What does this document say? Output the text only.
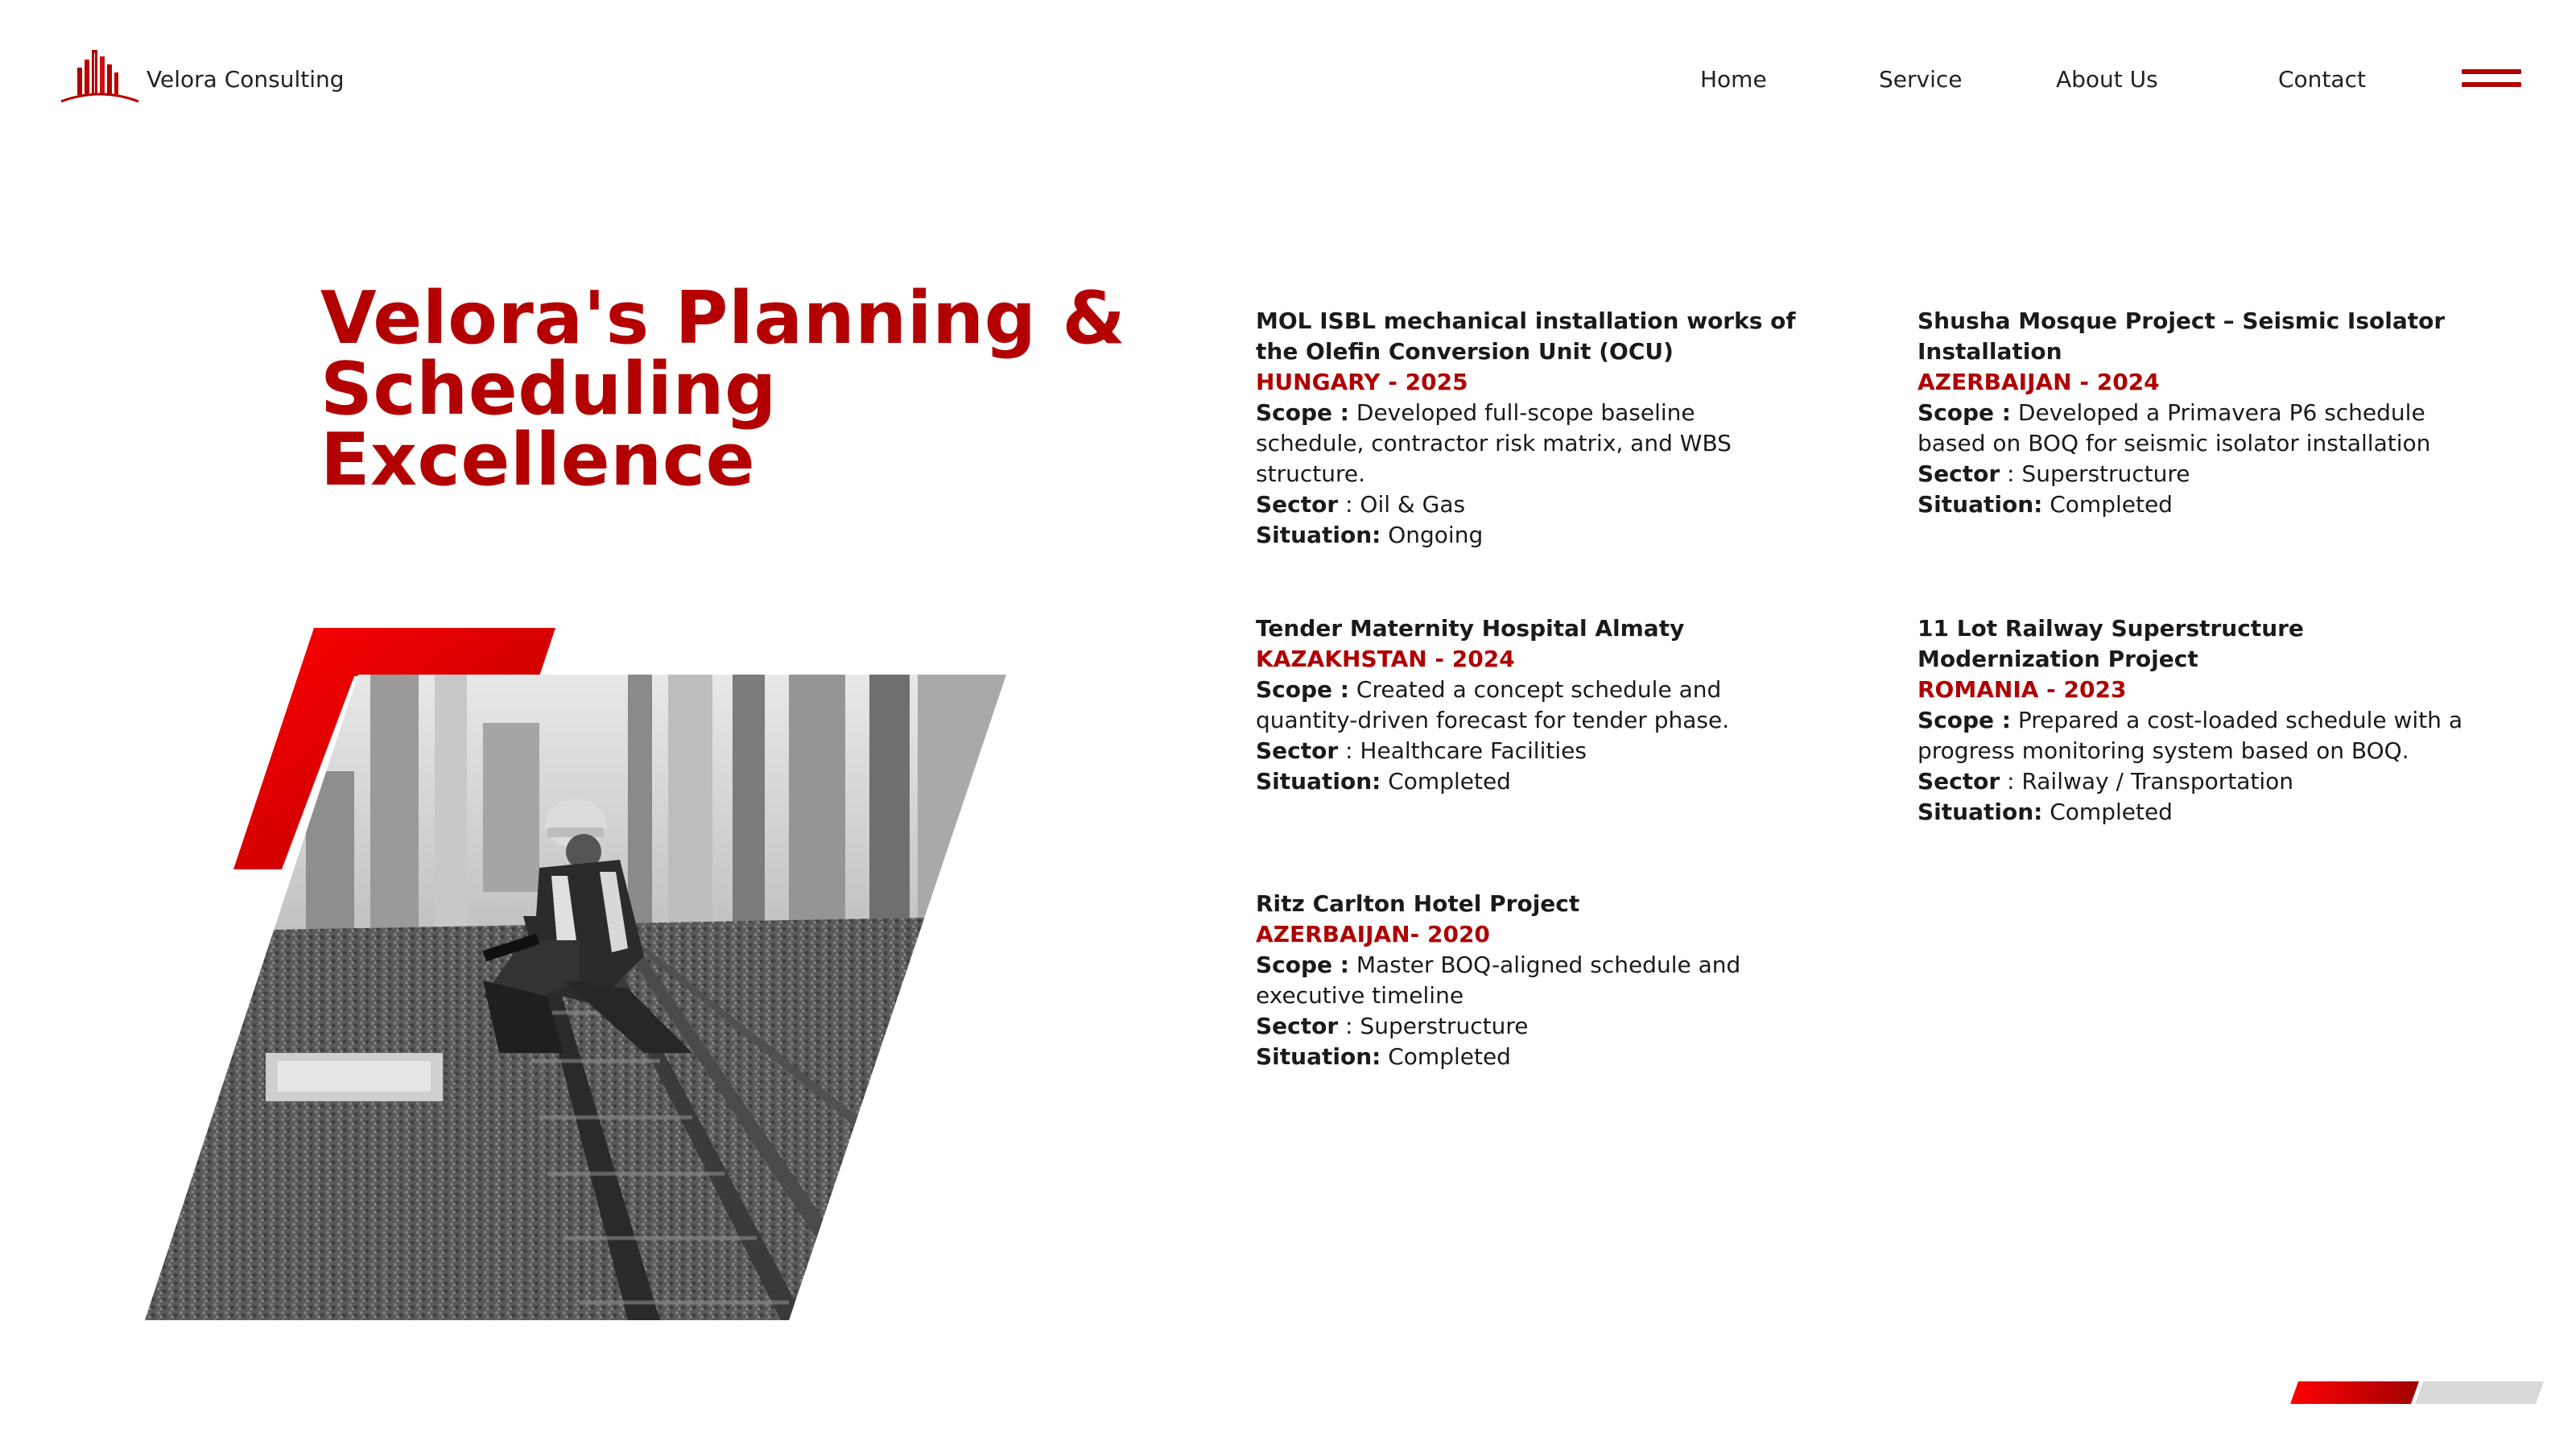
Velora Consulting	Home	Service	About Us	Contact
Velora's Planning &
Scheduling Excellence
MOL ISBL mechanical installation works of the Olefin Conversion Unit (OCU)
HUNGARY - 2025
Scope : Developed full-scope baseline schedule, contractor risk matrix, and WBS structure.
Sector : Oil & Gas
Situation: Ongoing
Shusha Mosque Project – Seismic Isolator Installation
AZERBAIJAN - 2024
Scope : Developed a Primavera P6 schedule based on BOQ for seismic isolator installation
Sector : Superstructure
Situation: Completed
Tender Maternity Hospital Almaty
KAZAKHSTAN - 2024
Scope : Created a concept schedule and quantity-driven forecast for tender phase.
Sector : Healthcare Facilities
Situation: Completed
11 Lot Railway Superstructure Modernization Project
ROMANIA - 2023
Scope : Prepared a cost-loaded schedule with a progress monitoring system based on BOQ.
Sector : Railway / Transportation
Situation: Completed
Ritz Carlton Hotel Project
AZERBAIJAN- 2020
Scope : Master BOQ-aligned schedule and executive timeline
Sector : Superstructure
Situation: Completed
